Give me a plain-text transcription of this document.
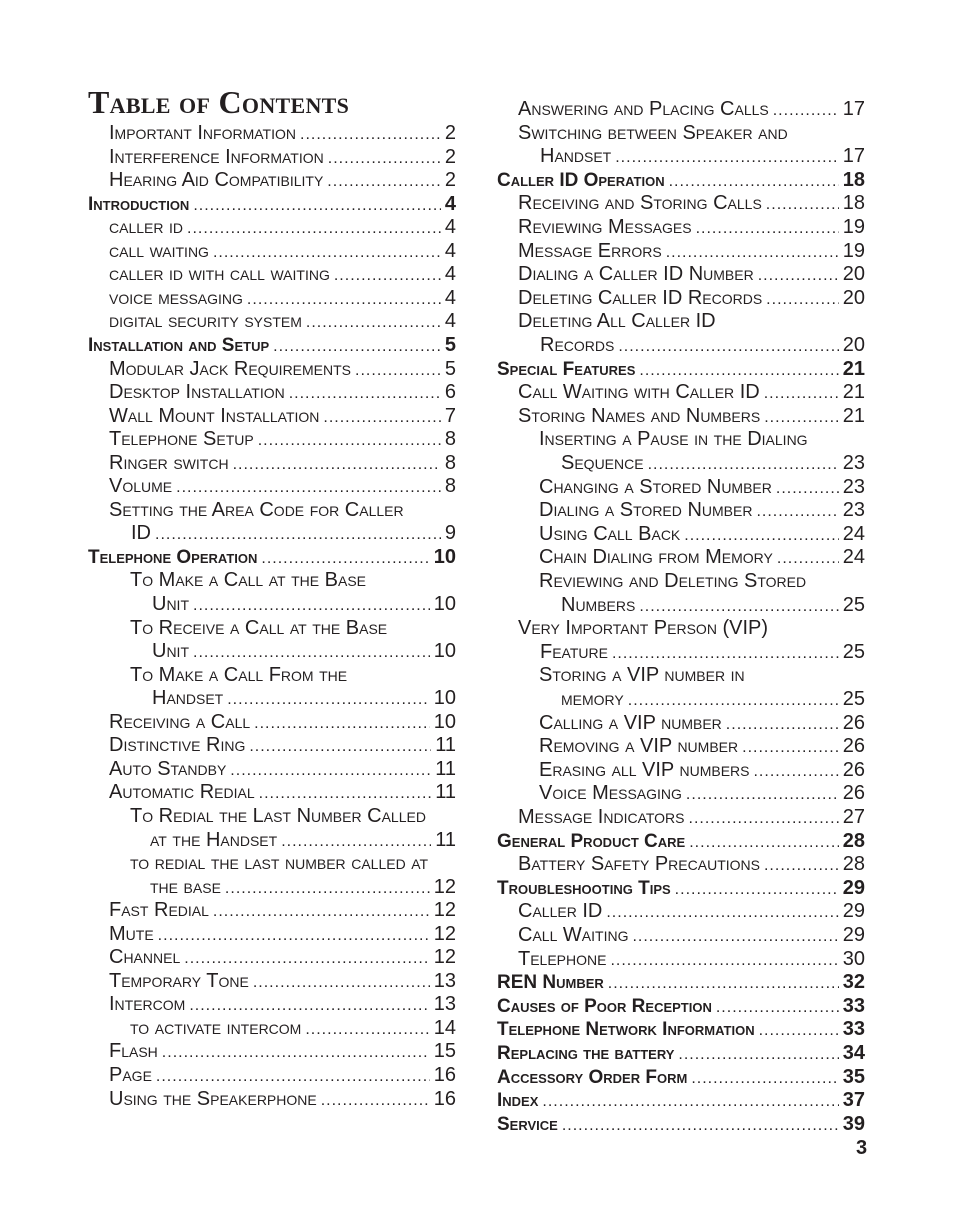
Table of Contents
Important Information .....	2
Interference Information .....	2
Hearing Aid Compatibility .....	2
Introduction .....	4
caller id .....	4
call waiting .....	4
caller id with call waiting .....	4
voice messaging .....	4
digital security system .....	4
Installation and Setup .....	5
Modular Jack Requirements .....	5
Desktop Installation .....	6
Wall Mount Installation .....	7
Telephone Setup .....	8
Ringer switch .....	8
Volume .....	8
Setting the Area Code for Caller
ID .....	9
Telephone Operation .....	10
To Make a Call at the Base
Unit .....	10
To Receive a Call at the Base
Unit .....	10
To Make a Call From the
Handset .....	10
Receiving a Call .....	10
Distinctive Ring .....	11
Auto Standby .....	11
Automatic Redial .....	11
To Redial the Last Number Called
at the Handset .....	11
to redial the last number called at
the base .....	12
Fast Redial .....	12
Mute .....	12
Channel .....	12
Temporary Tone .....	13
Intercom .....	13
to activate intercom .....	14
Flash .....	15
Page .....	16
Using the Speakerphone .....	16
Answering and Placing Calls .....	17
Switching between Speaker and
Handset .....	17
Caller ID Operation .....	18
Receiving and Storing Calls .....	18
Reviewing Messages .....	19
Message Errors .....	19
Dialing a Caller ID Number .....	20
Deleting Caller ID Records .....	20
Deleting All Caller ID
Records .....	20
Special Features .....	21
Call Waiting with Caller ID .....	21
Storing Names and Numbers .....	21
Inserting a Pause in the Dialing
Sequence .....	23
Changing a Stored Number .....	23
Dialing a Stored Number .....	23
Using Call Back .....	24
Chain Dialing from Memory .....	24
Reviewing and Deleting Stored
Numbers .....	25
Very Important Person (VIP)
Feature .....	25
Storing a VIP number in
memory .....	25
Calling a VIP number .....	26
Removing a VIP number .....	26
Erasing all VIP numbers .....	26
Voice Messaging .....	26
Message Indicators .....	27
General Product Care .....	28
Battery Safety Precautions .....	28
Troubleshooting Tips .....	29
Caller ID .....	29
Call Waiting .....	29
Telephone .....	30
REN Number .....	32
Causes of Poor Reception .....	33
Telephone Network Information .....	33
Replacing the battery .....	34
Accessory Order Form .....	35
Index .....	37
Service .....	39
3
